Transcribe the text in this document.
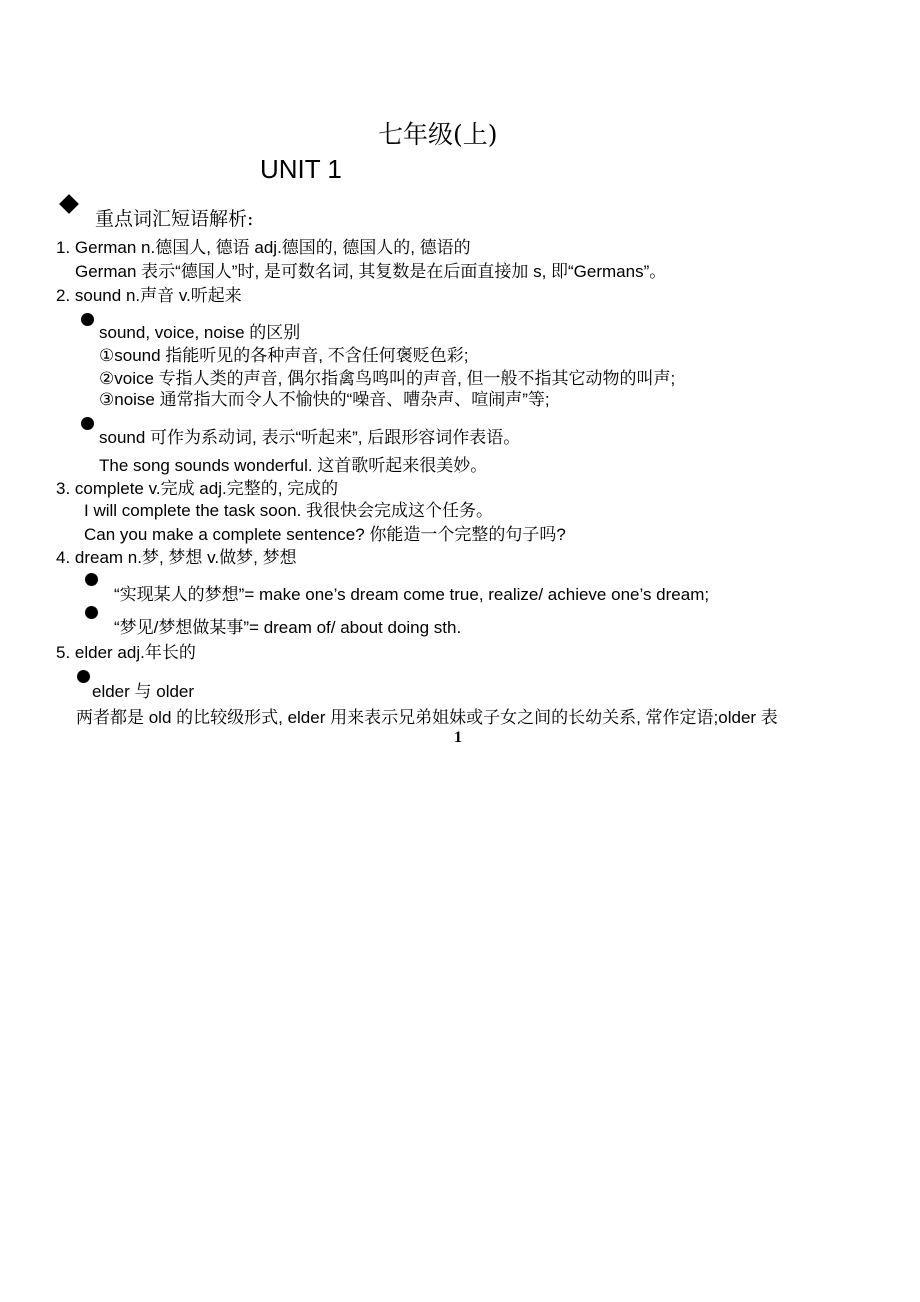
七年级(上)
UNIT 1
重点词汇短语解析:
1. German n.德国人, 德语 adj.德国的, 德国人的, 德语的
German 表示“德国人”时, 是可数名词, 其复数是在后面直接加 s, 即“Germans”。
2. sound n.声音 v.听起来
sound, voice, noise 的区别
①sound 指能听见的各种声音, 不含任何褒贬色彩;
②voice 专指人类的声音, 偶尔指禽鸟鸣叫的声音, 但一般不指其它动物的叫声;
③noise 通常指大而令人不愉快的“噪音、嘈杂声、喧闹声”等;
sound 可作为系动词, 表示“听起来”, 后跟形容词作表语。
The song sounds wonderful. 这首歌听起来很美妙。
3. complete v.完成 adj.完整的, 完成的
I will complete the task soon. 我很快会完成这个任务。
Can you make a complete sentence? 你能造一个完整的句子吗?
4. dream n.梦, 梦想 v.做梦, 梦想
“实现某人的梦想”= make one’s dream come true, realize/ achieve one’s dream;
“梦见/梦想做某事”= dream of/ about doing sth.
5. elder adj.年长的
elder 与 older
两者都是 old 的比较级形式, elder 用来表示兄弟姐妹或子女之间的长幼关系, 常作定语;older 表
1
